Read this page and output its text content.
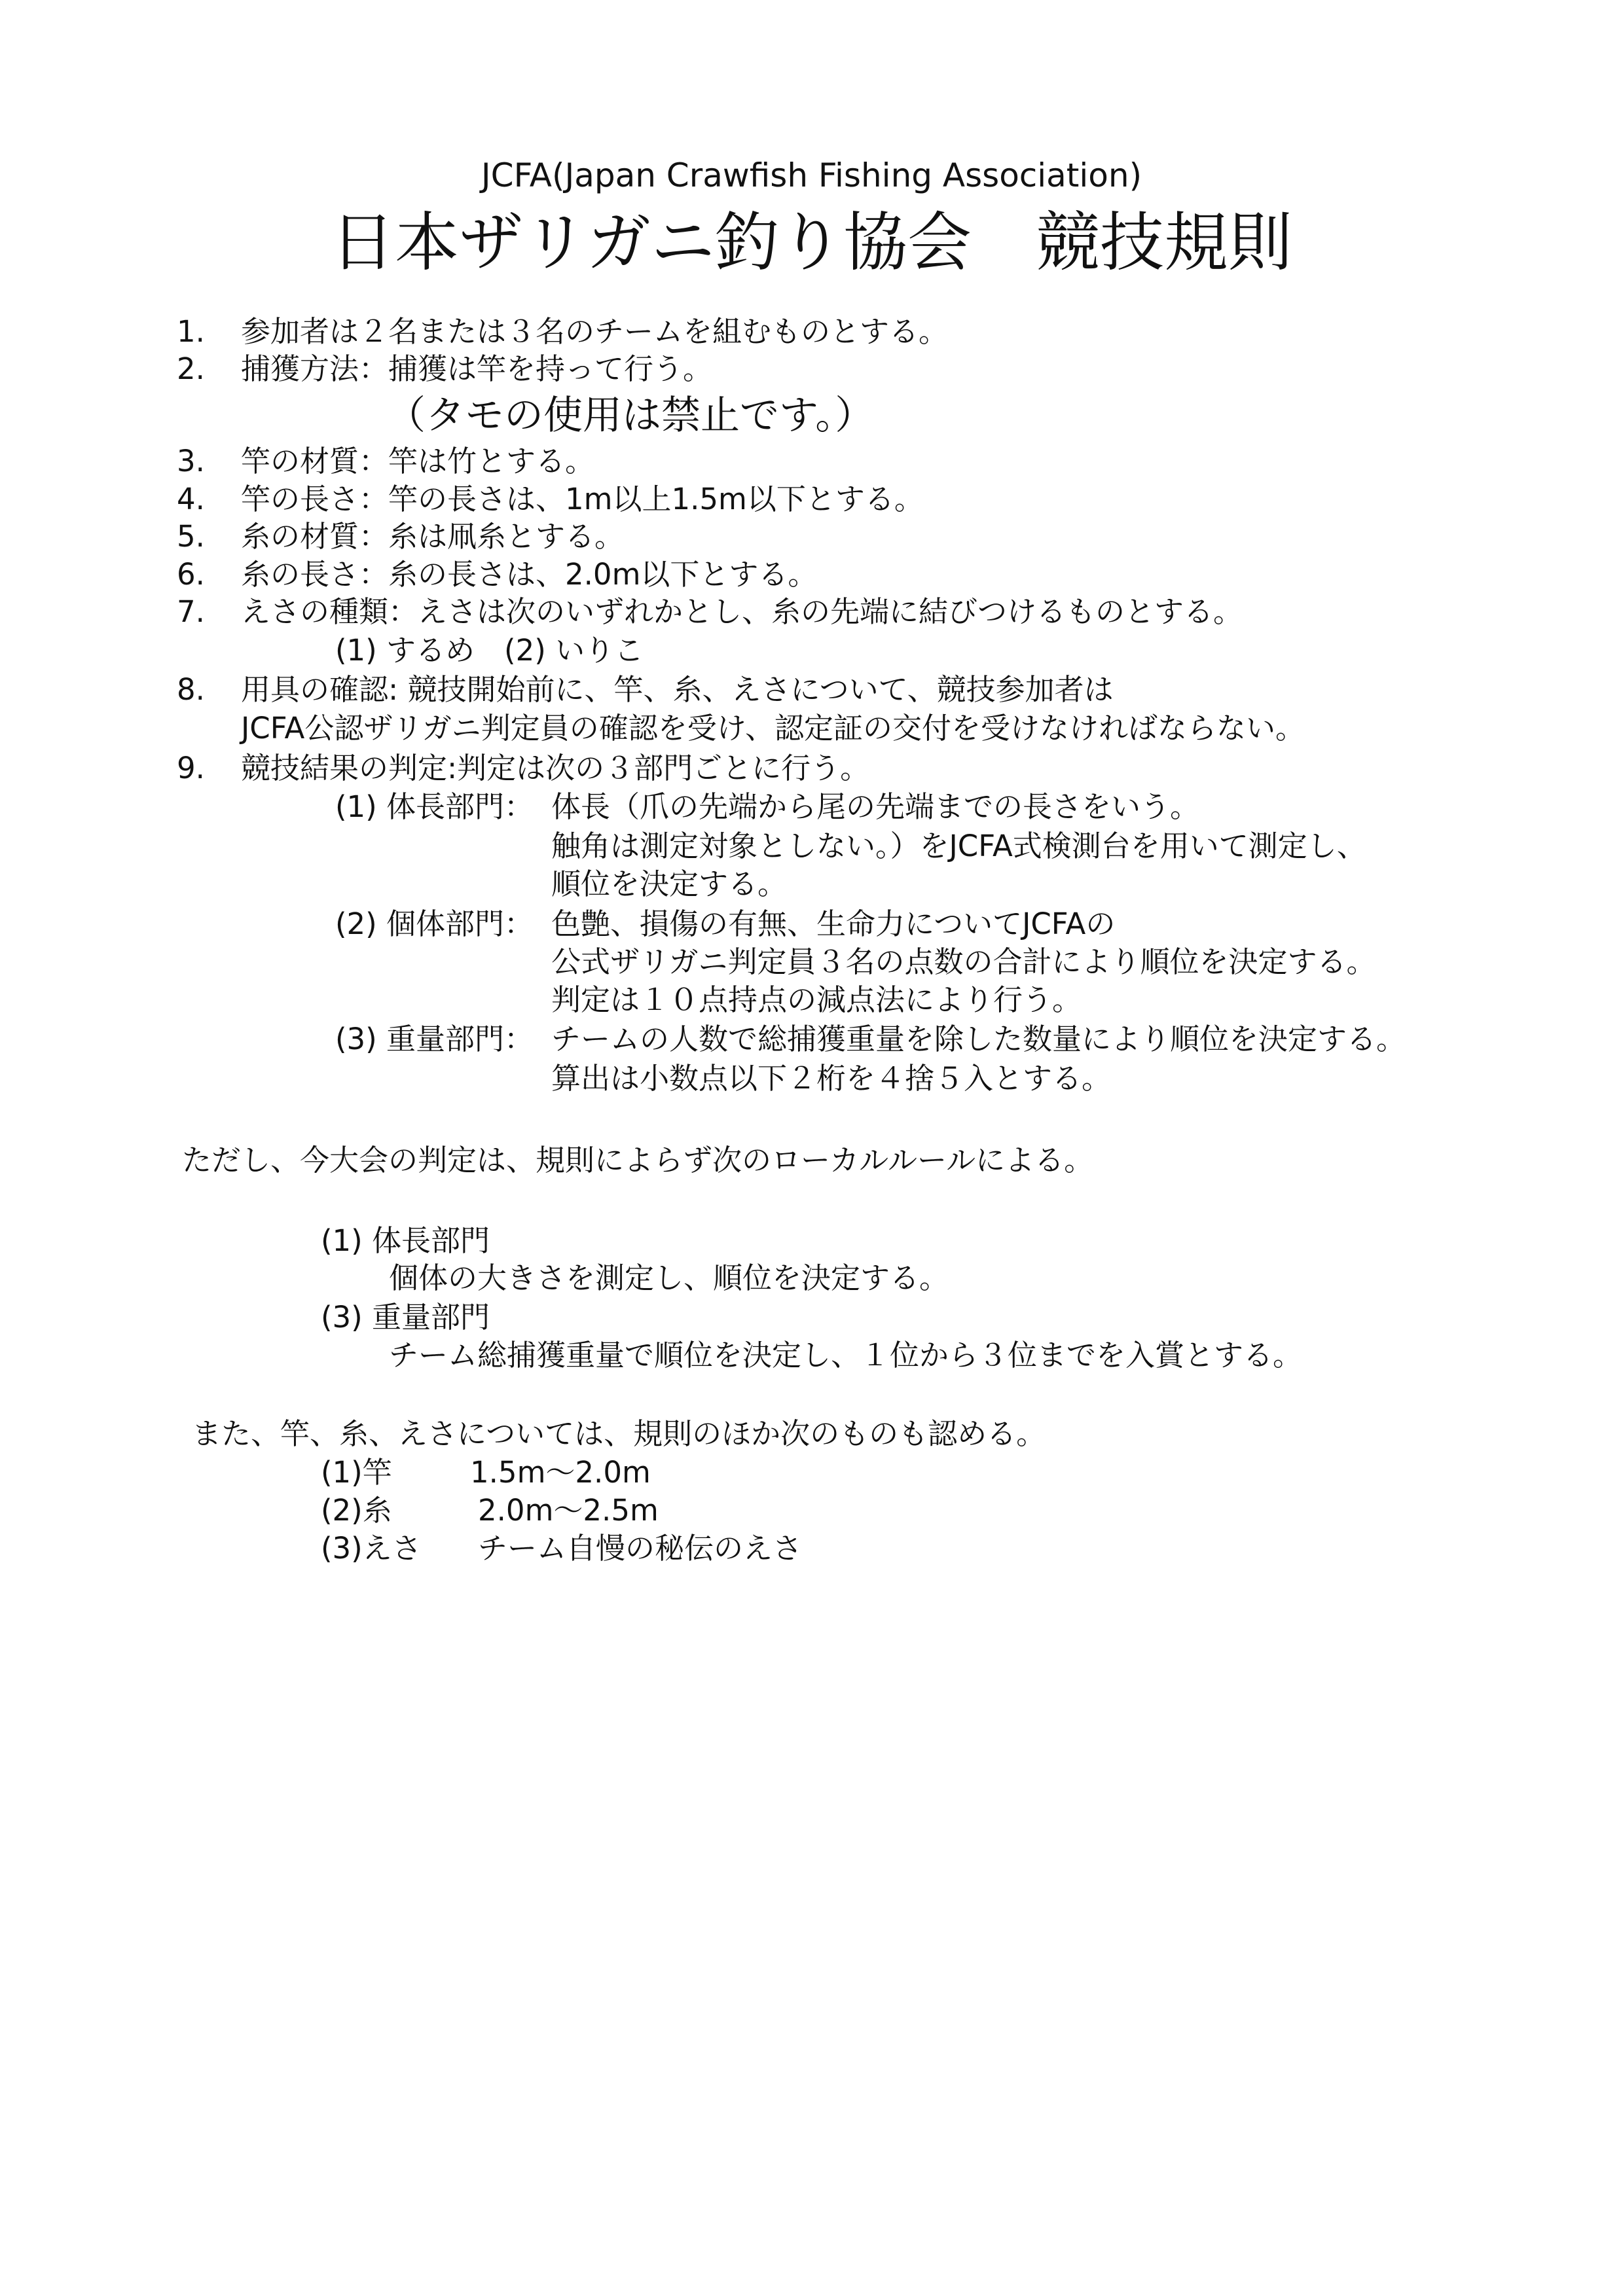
JCFA(Japan Crawfish Fishing Association)
日本ザリガニ釣り協会　競技規則
1. 参加者は２名または３名のチームを組むものとする。
2. 捕獲方法：捕獲は竿を持って行う。
（タモの使用は禁止です。）
3. 竿の材質：竿は竹とする。
4. 竿の長さ：竿の長さは、1m以上1.5m以下とする。
5. 糸の材質：糸は凧糸とする。
6. 糸の長さ：糸の長さは、2.0m以下とする。
7. えさの種類：えさは次のいずれかとし、糸の先端に結びつけるものとする。
(1) するめ　(2) いりこ
8. 用具の確認: 競技開始前に、竿、糸、えさについて、競技参加者は
JCFA公認ザリガニ判定員の確認を受け、認定証の交付を受けなければならない。
9. 競技結果の判定:判定は次の３部門ごとに行う。
(1) 体長部門： 体長（爪の先端から尾の先端までの長さをいう。
触角は測定対象としない。）をJCFA式検測台を用いて測定し、
順位を決定する。
(2) 個体部門： 色艶、損傷の有無、生命力についてJCFAの
公式ザリガニ判定員３名の点数の合計により順位を決定する。
判定は１０点持点の減点法により行う。
(3) 重量部門： チームの人数で総捕獲重量を除した数量により順位を決定する。
算出は小数点以下２桁を４捨５入とする。
ただし、今大会の判定は、規則によらず次のローカルルールによる。
(1) 体長部門
個体の大きさを測定し、順位を決定する。
(3) 重量部門
チーム総捕獲重量で順位を決定し、１位から３位までを入賞とする。
また、竿、糸、えさについては、規則のほか次のものも認める。
(1)竿	1.5m～2.0m
(2)糸	2.0m～2.5m
(3)えさ チーム自慢の秘伝のえさ
